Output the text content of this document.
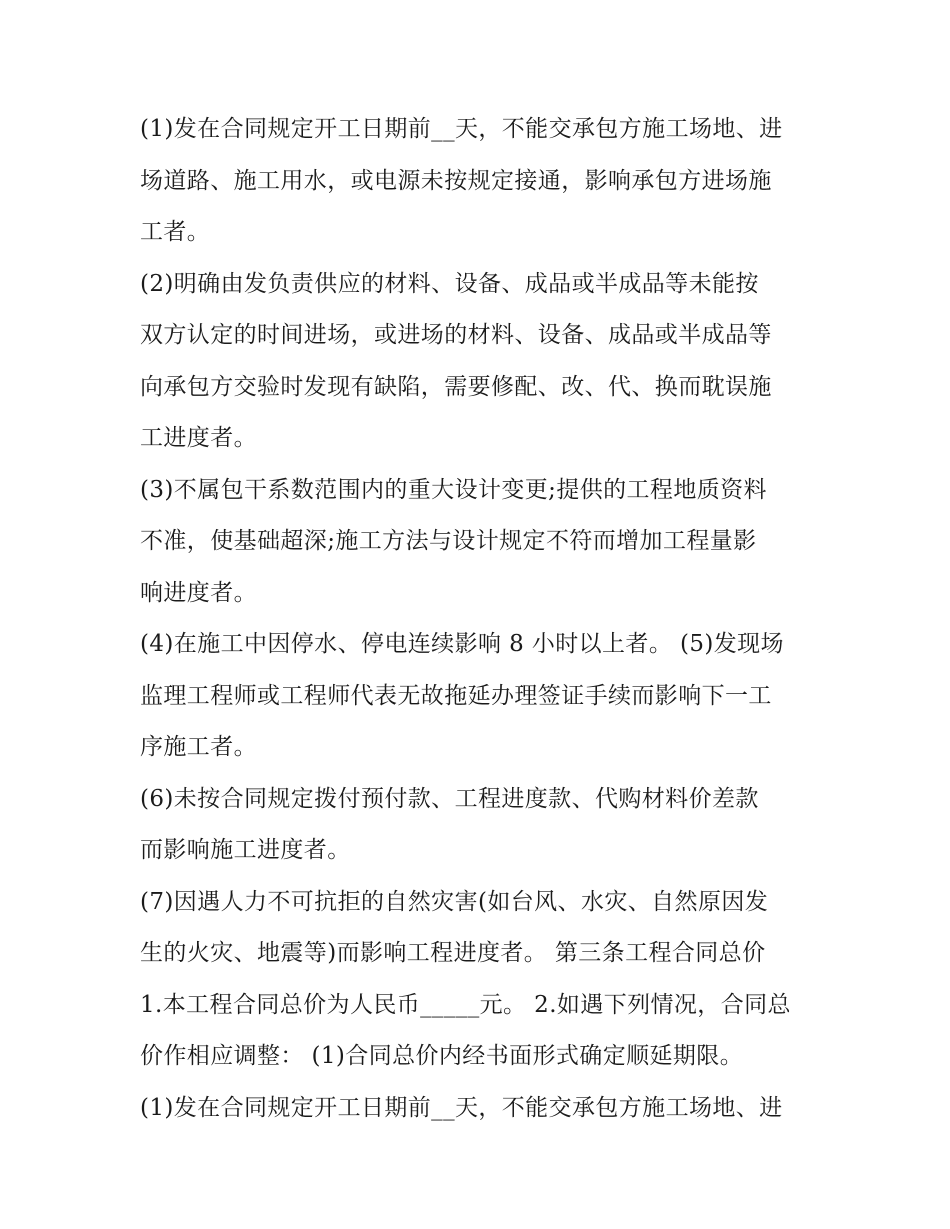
(1)发在合同规定开工日期前__天，不能交承包方施工场地、进
场道路、施工用水，或电源未按规定接通，影响承包方进场施
工者。
(2)明确由发负责供应的材料、设备、成品或半成品等未能按
双方认定的时间进场，或进场的材料、设备、成品或半成品等
向承包方交验时发现有缺陷，需要修配、改、代、换而耽误施
工进度者。
(3)不属包干系数范围内的重大设计变更;提供的工程地质资料
不准，使基础超深;施工方法与设计规定不符而增加工程量影
响进度者。
(4)在施工中因停水、停电连续影响 8 小时以上者。 (5)发现场
监理工程师或工程师代表无故拖延办理签证手续而影响下一工
序施工者。
(6)未按合同规定拨付预付款、工程进度款、代购材料价差款
而影响施工进度者。
(7)因遇人力不可抗拒的自然灾害(如台风、水灾、自然原因发
生的火灾、地震等)而影响工程进度者。 第三条工程合同总价
1.本工程合同总价为人民币_____元。 2.如遇下列情况，合同总
价作相应调整： (1)合同总价内经书面形式确定顺延期限。
(1)发在合同规定开工日期前__天，不能交承包方施工场地、进
